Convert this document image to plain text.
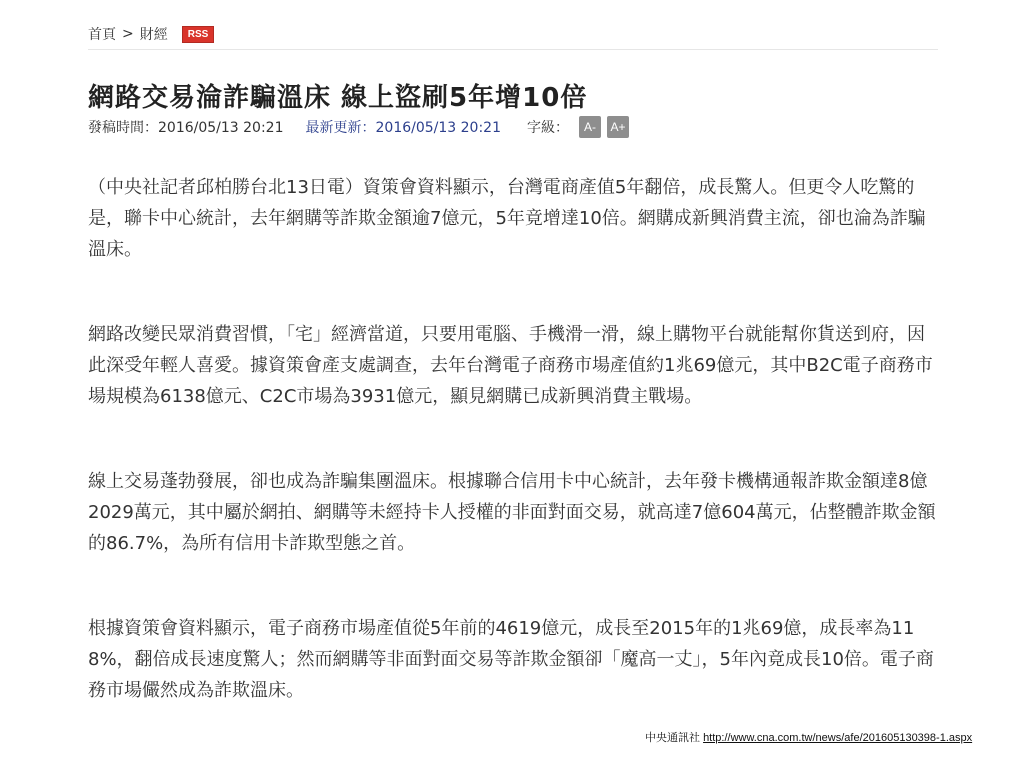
首頁 > 財經	RSS
網路交易淪詐騙溫床 線上盜刷5年增10倍
發稿時間：2016/05/13 20:21 最新更新：2016/05/13 20:21 字級：	A-	A+

（中央社記者邱柏勝台北13日電）資策會資料顯示，台灣電商產值5年翻倍，成長驚人。但更令人吃驚的是，聯卡中心統計，去年網購等詐欺金額逾7億元，5年竟增達10倍。網購成新興消費主流，卻也淪為詐騙溫床。

網路改變民眾消費習慣，「宅」經濟當道，只要用電腦、手機滑一滑，線上購物平台就能幫你貨送到府，因此深受年輕人喜愛。據資策會產支處調查，去年台灣電子商務市場產值約1兆69億元，其中B2C電子商務市場規模為6138億元、C2C市場為3931億元，顯見網購已成新興消費主戰場。

線上交易蓬勃發展，卻也成為詐騙集團溫床。根據聯合信用卡中心統計，去年發卡機構通報詐欺金額達8億2029萬元，其中屬於網拍、網購等未經持卡人授權的非面對面交易，就高達7億604萬元，佔整體詐欺金額的86.7%，為所有信用卡詐欺型態之首。

根據資策會資料顯示，電子商務市場產值從5年前的4619億元，成長至2015年的1兆69億，成長率為118%，翻倍成長速度驚人；然而網購等非面對面交易等詐欺金額卻「魔高一丈」，5年內竟成長10倍。電子商務市場儼然成為詐欺溫床。

中央通訊社 http://www.cna.com.tw/news/afe/201605130398-1.aspx
